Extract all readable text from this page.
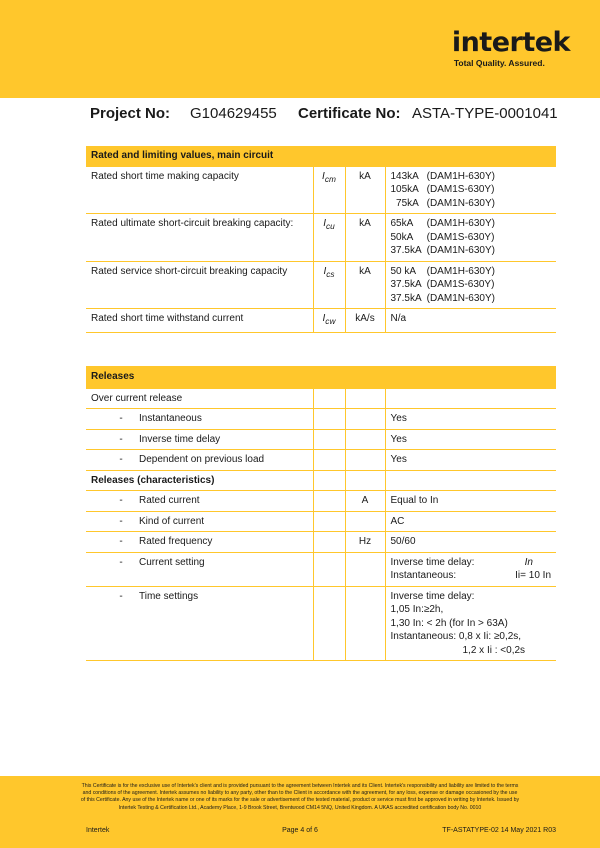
intertek
Total Quality. Assured.
Project No: G104629455 Certificate No: ASTA-TYPE-0001041
Rated and limiting values, main circuit			
Rated short time making capacity	$I_{cm}$	kA	143kA   (DAM1H-630Y)
105kA   (DAM1S-630Y)
75kA   (DAM1N-630Y)

Rated ultimate short-circuit breaking capacity:	$I_{cu}$	kA	65kA     (DAM1H-630Y)
50kA     (DAM1S-630Y)
37.5kA  (DAM1N-630Y)

Rated service short-circuit breaking capacity	$I_{cs}$	kA	50 kA    (DAM1H-630Y)
37.5kA  (DAM1S-630Y)
37.5kA  (DAM1N-630Y)

Rated short time withstand current	$I_{cw}$	kA/s	N/a
Releases			
Over current release			
- Instantaneous			Yes
- Inverse time delay			Yes
- Dependent on previous load			Yes
Releases (characteristics)			
- Rated current		A	Equal to In
- Kind of current			AC
- Rated frequency		Hz	50/60
- Current setting			Inverse time delay: In
Instantaneous: Ii= 10 In

- Time settings			Inverse time delay:
1,05 In:≥2h,
1,30 In: < 2h (for In > 63A)
Instantaneous: 0,8 x Ii: ≥0,2s,
1,2 x Ii : <0,2s
This Certificate is for the exclusive use of Intertek's client and is provided pursuant to the agreement between Intertek and its Client. Intertek's responsibility and liability are limited to the terms and conditions of the agreement. Intertek assumes no liability to any party, other than to the Client in accordance with the agreement, for any loss, expense or damage occasioned by the use of this Certificate. Any use of the Intertek name or one of its marks for the sale or advertisement of the tested material, product or service must first be approved in writing by Intertek. Issued by Intertek Testing & Certification Ltd., Academy Place, 1-9 Brook Street, Brentwood CM14 5NQ, United Kingdom. A UKAS accredited certification body No. 0010
Intertek	Page 4 of 6	TF-ASTATYPE-02 14 May 2021 R03
